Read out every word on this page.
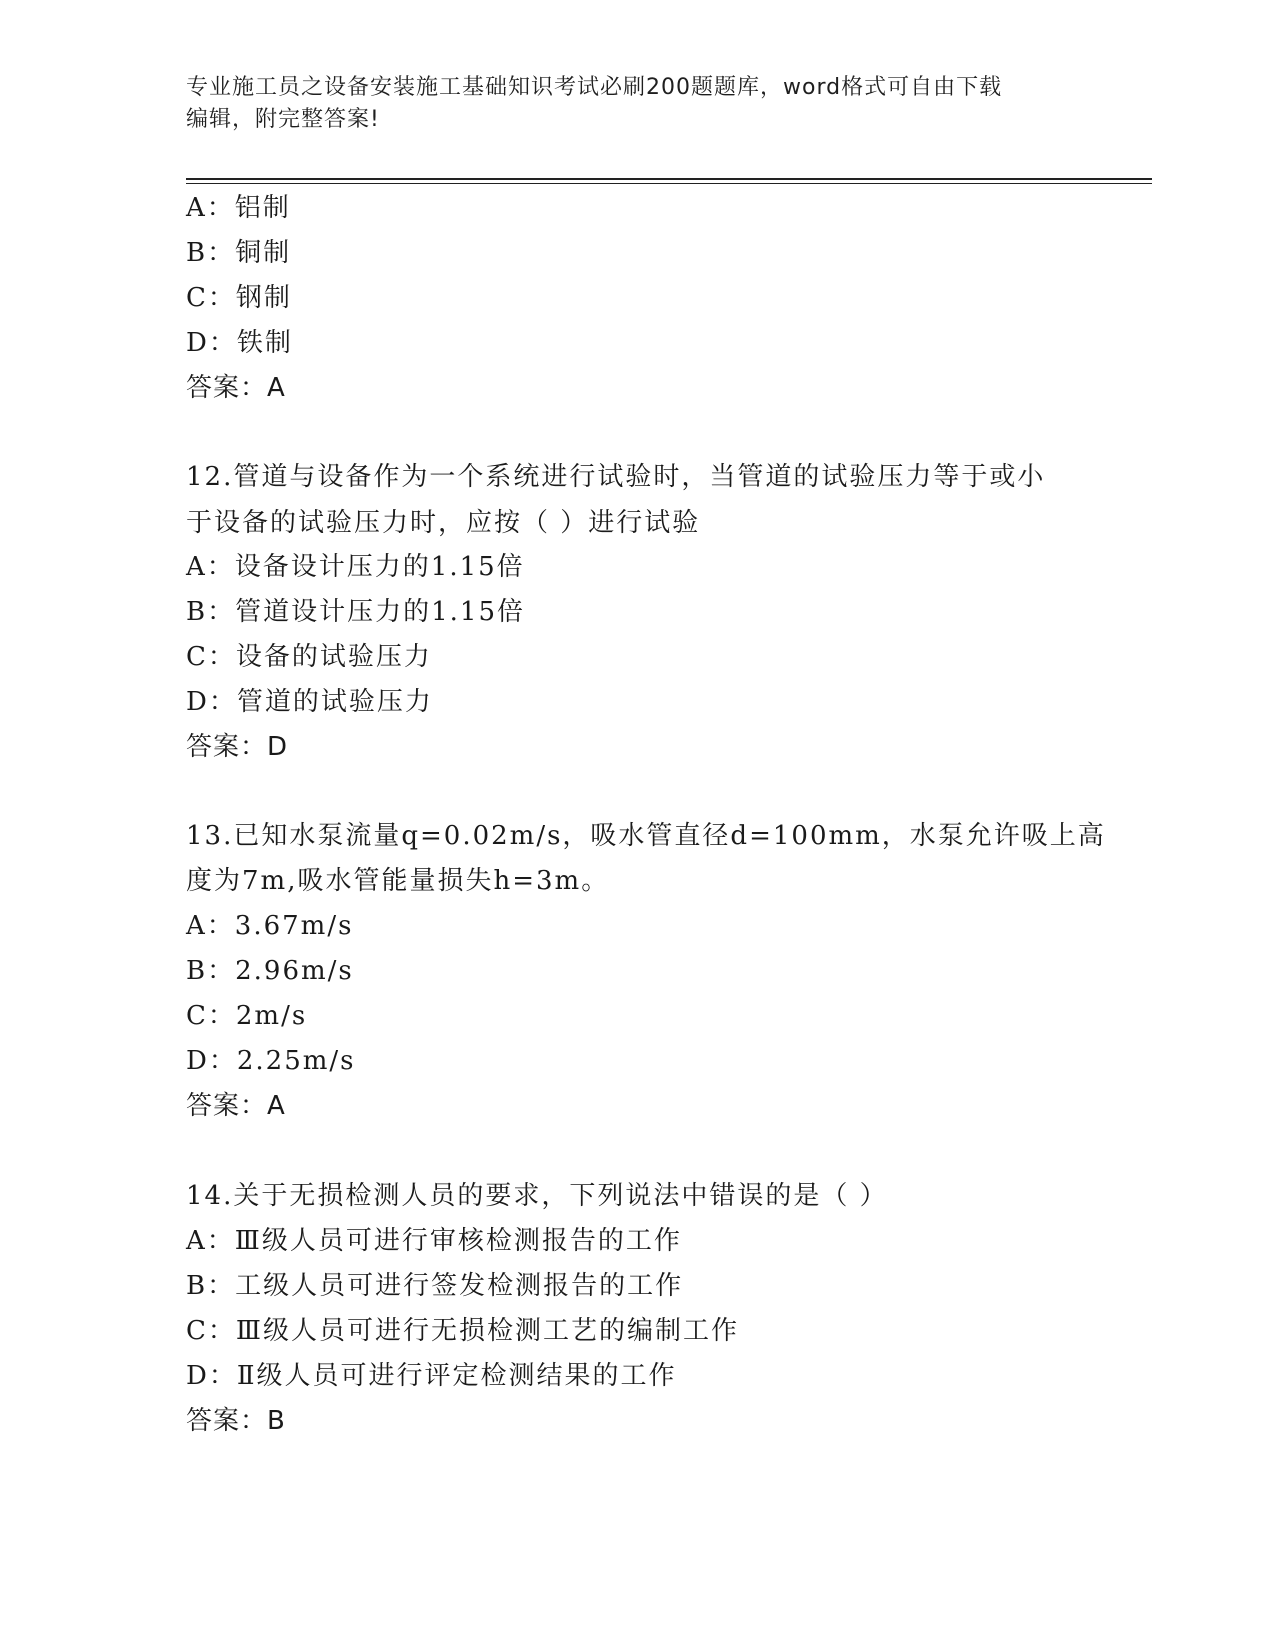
专业施工员之设备安装施工基础知识考试必刷200题题库，word格式可自由下载
编辑，附完整答案!
A：铝制
B：铜制
C：钢制
D：铁制
答案：A
12.管道与设备作为一个系统进行试验时，当管道的试验压力等于或小
于设备的试验压力时，应按（ ）进行试验
A：设备设计压力的1.15倍
B：管道设计压力的1.15倍
C：设备的试验压力
D：管道的试验压力
答案：D
13.已知水泵流量q=0.02m/s，吸水管直径d=100mm，水泵允许吸上高
度为7m,吸水管能量损失h=3m。
A：3.67m/s
B：2.96m/s
C：2m/s
D：2.25m/s
答案：A
14.关于无损检测人员的要求，下列说法中错误的是（ ）
A：Ⅲ级人员可进行审核检测报告的工作
B：工级人员可进行签发检测报告的工作
C：Ⅲ级人员可进行无损检测工艺的编制工作
D：Ⅱ级人员可进行评定检测结果的工作
答案：B
